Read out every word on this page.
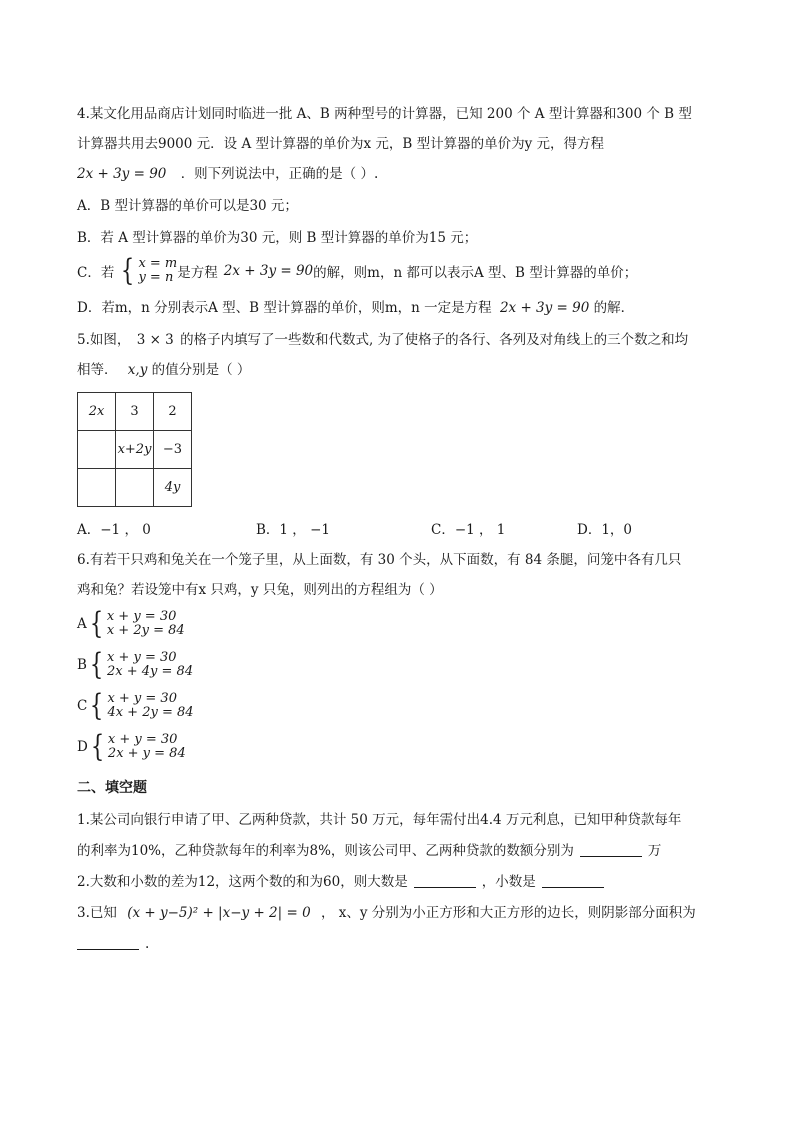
4.某文化用品商店计划同时临进一批 A、B 两种型号的计算器，已知 200 个 A 型计算器和300 个 B 型
计算器共用去9000 元．设 A 型计算器的单价为x 元，B 型计算器的单价为y 元，得方程
2x + 3y = 90 ．则下列说法中，正确的是（ ）.
A．B 型计算器的单价可以是30 元；
B．若 A 型计算器的单价为30 元，则 B 型计算器的单价为15 元；
C．若 { x = m
y = n 是方程 2x + 3y = 90 的解，则m，n 都可以表示A 型、B 型计算器的单价；
D．若m，n 分别表示A 型、B 型计算器的单价，则m，n 一定是方程 2x + 3y = 90 的解．
5.如图， 3 × 3 的格子内填写了一些数和代数式, 为了使格子的各行、各列及对角线上的三个数之和均
相等． x,y 的值分别是（ ）
2x	3	2
	x+2y	−3
		4y
A．−1 ， 0	B．1 ， −1	C．−1 ， 1	D．1，0
6.有若干只鸡和兔关在一个笼子里，从上面数，有 30 个头，从下面数，有 84 条腿，问笼中各有几只
鸡和兔？若设笼中有x 只鸡，y 只兔，则列出的方程组为（ ）
A { x + y = 30
x + 2y = 84
B { x + y = 30
2x + 4y = 84
C { x + y = 30
4x + 2y = 84
D { x + y = 30
2x + y = 84
二、填空题
1.某公司向银行申请了甲、乙两种贷款，共计 50 万元，每年需付出4.4 万元利息，已知甲种贷款每年
的利率为10%，乙种贷款每年的利率为8%，则该公司甲、乙两种贷款的数额分别为	万
2.大数和小数的差为12，这两个数的和为60，则大数是	，小数是
3.已知 (x + y−5)² + |x−y + 2| = 0 ， x、y 分别为小正方形和大正方形的边长，则阴影部分面积为
.
